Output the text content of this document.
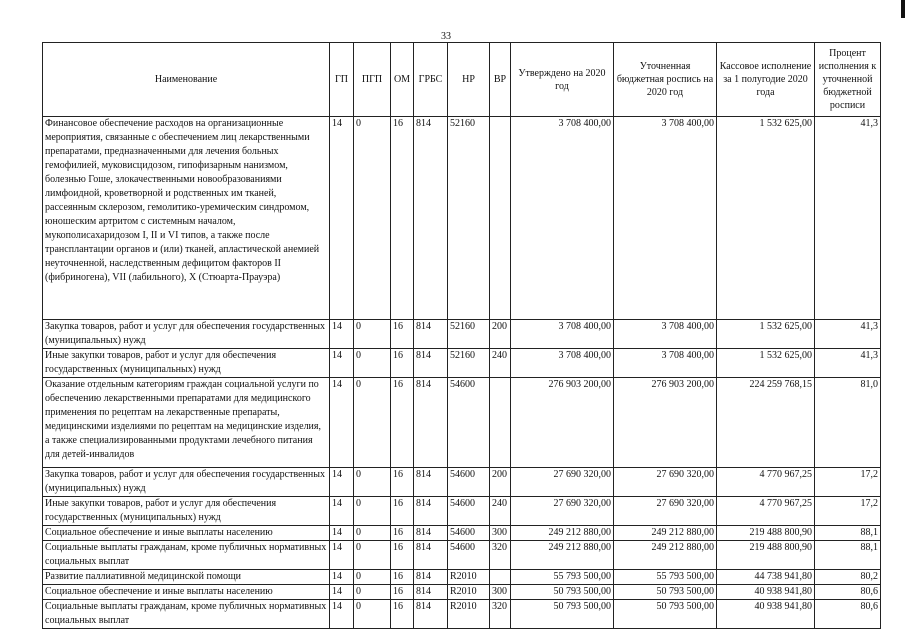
33
Наименование	ГП	ПГП	ОМ	ГРБС	НР	ВР	Утверждено на 2020 год	Уточненная бюджетная роспись на 2020 год	Кассовое исполнение за 1 полугодие 2020 года	Процент исполнения к уточненной бюджетной росписи
Финансовое обеспечение расходов на организационные мероприятия, связанные с обеспечением лиц лекарственными препаратами, предназначенными для лечения больных гемофилией, муковисцидозом, гипофизарным нанизмом, болезнью Гоше, злокачественными новообразованиями лимфоидной, кроветворной и родственных им тканей, рассеянным склерозом, гемолитико-уремическим синдромом, юношеским артритом с системным началом, мукополисахаридозом I, II и VI типов, а также после трансплантации органов и (или) тканей, апластической анемией неуточненной, наследственным дефицитом факторов II (фибриногена), VII (лабильного), X (Стюарта-Прауэра)	14	0	16	814	52160		3 708 400,00	3 708 400,00	1 532 625,00	41,3
Закупка товаров, работ и услуг для обеспечения государственных (муниципальных) нужд	14	0	16	814	52160	200	3 708 400,00	3 708 400,00	1 532 625,00	41,3
Иные закупки товаров, работ и услуг для обеспечения государственных (муниципальных) нужд	14	0	16	814	52160	240	3 708 400,00	3 708 400,00	1 532 625,00	41,3
Оказание отдельным категориям граждан социальной услуги по обеспечению лекарственными препаратами для медицинского применения по рецептам на лекарственные препараты, медицинскими изделиями по рецептам на медицинские изделия, а также специализированными продуктами лечебного питания для детей-инвалидов	14	0	16	814	54600		276 903 200,00	276 903 200,00	224 259 768,15	81,0
Закупка товаров, работ и услуг для обеспечения государственных (муниципальных) нужд	14	0	16	814	54600	200	27 690 320,00	27 690 320,00	4 770 967,25	17,2
Иные закупки товаров, работ и услуг для обеспечения государственных (муниципальных) нужд	14	0	16	814	54600	240	27 690 320,00	27 690 320,00	4 770 967,25	17,2
Социальное обеспечение и иные выплаты населению	14	0	16	814	54600	300	249 212 880,00	249 212 880,00	219 488 800,90	88,1
Социальные выплаты гражданам, кроме публичных нормативных социальных выплат	14	0	16	814	54600	320	249 212 880,00	249 212 880,00	219 488 800,90	88,1
Развитие паллиативной медицинской помощи	14	0	16	814	R2010		55 793 500,00	55 793 500,00	44 738 941,80	80,2
Социальное обеспечение и иные выплаты населению	14	0	16	814	R2010	300	50 793 500,00	50 793 500,00	40 938 941,80	80,6
Социальные выплаты гражданам, кроме публичных нормативных социальных выплат	14	0	16	814	R2010	320	50 793 500,00	50 793 500,00	40 938 941,80	80,6
